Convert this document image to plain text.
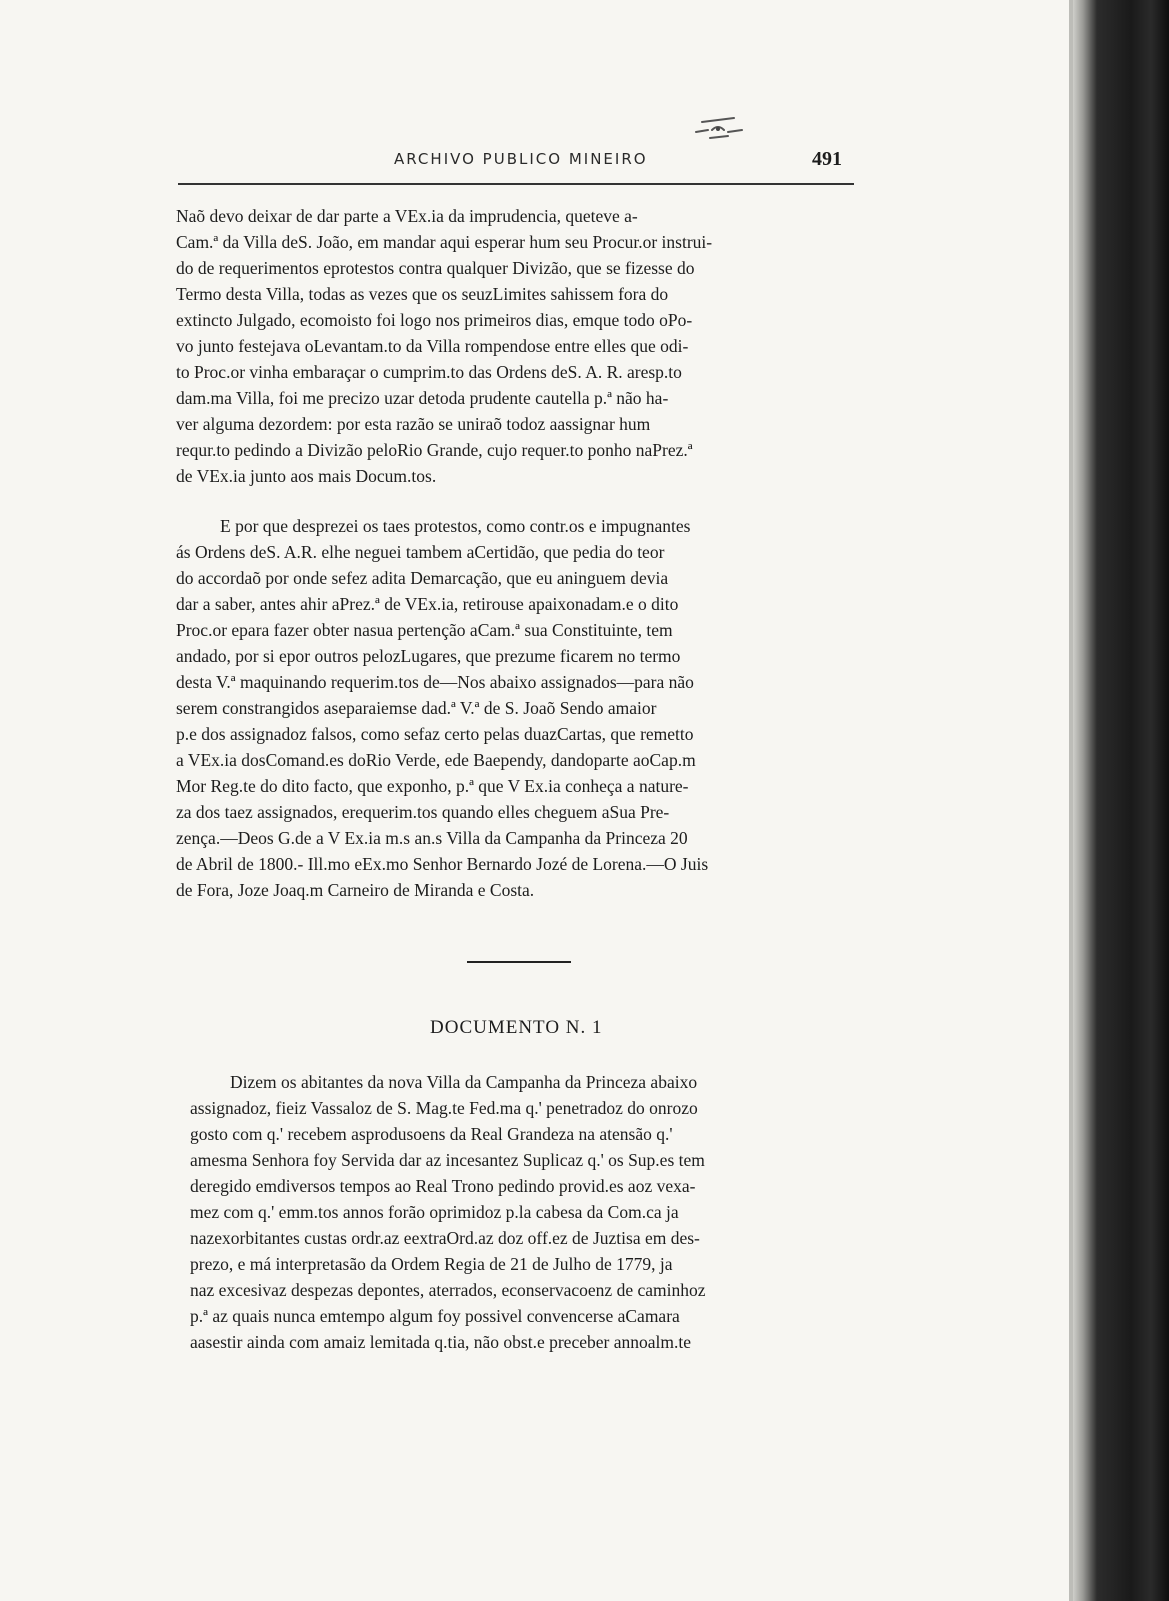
ARCHIVO PUBLICO MINEIRO	491

Naõ devo deixar de dar parte a VEx.ia da imprudencia, queteve a-
Cam.ª da Villa deS. João, em mandar aqui esperar hum seu Procur.or instrui-
do de requerimentos eprotestos contra qualquer Divizão, que se fizesse do
Termo desta Villa, todas as vezes que os seuzLimites sahissem fora do
extincto Julgado, ecomoisto foi logo nos primeiros dias, emque todo oPo-
vo junto festejava oLevantam.to da Villa rompendose entre elles que odi-
to Proc.or vinha embaraçar o cumprim.to das Ordens deS. A. R. aresp.to
dam.ma Villa, foi me precizo uzar detoda prudente cautella p.ª não ha-
ver alguma dezordem: por esta razão se uniraõ todoz aassignar hum
requr.to pedindo a Divizão peloRio Grande, cujo requer.to ponho naPrez.ª
de VEx.ia junto aos mais Docum.tos.

E por que desprezei os taes protestos, como contr.os e impugnantes
ás Ordens deS. A.R. elhe neguei tambem aCertidão, que pedia do teor
do accordaõ por onde sefez adita Demarcação, que eu aninguem devia
dar a saber, antes ahir aPrez.ª de VEx.ia, retirouse apaixonadam.e o dito
Proc.or epara fazer obter nasua pertenção aCam.ª sua Constituinte, tem
andado, por si epor outros pelozLugares, que prezume ficarem no termo
desta V.ª maquinando requerim.tos de—Nos abaixo assignados—para não
serem constrangidos aseparaiemse dad.ª V.ª de S. Joaõ Sendo amaior
p.e dos assignadoz falsos, como sefaz certo pelas duazCartas, que remetto
a VEx.ia dosComand.es doRio Verde, ede Baependy, dandoparte aoCap.m
Mor Reg.te do dito facto, que exponho, p.ª que V Ex.ia conheça a nature-
za dos taez assignados, erequerim.tos quando elles cheguem aSua Pre-
zença.—Deos G.de a V Ex.ia m.s an.s Villa da Campanha da Princeza 20
de Abril de 1800.- Ill.mo eEx.mo Senhor Bernardo Jozé de Lorena.—O Juis
de Fora, Joze Joaq.m Carneiro de Miranda e Costa.

DOCUMENTO N. 1

Dizem os abitantes da nova Villa da Campanha da Princeza abaixo
assignadoz, fieiz Vassaloz de S. Mag.te Fed.ma q.' penetradoz do onrozo
gosto com q.' recebem asprodusoens da Real Grandeza na atensão q.'
amesma Senhora foy Servida dar az incesantez Suplicaz q.' os Sup.es tem
deregido emdiversos tempos ao Real Trono pedindo provid.es aoz vexa-
mez com q.' emm.tos annos forão oprimidoz p.la cabesa da Com.ca ja
nazexorbitantes custas ordr.az eextraOrd.az doz off.ez de Juztisa em des-
prezo, e má interpretasão da Ordem Regia de 21 de Julho de 1779, ja
naz excesivaz despezas depontes, aterrados, econservacoenz de caminhoz
p.ª az quais nunca emtempo algum foy possivel convencerse aCamara
aasestir ainda com amaiz lemitada q.tia, não obst.e preceber annoalm.te
